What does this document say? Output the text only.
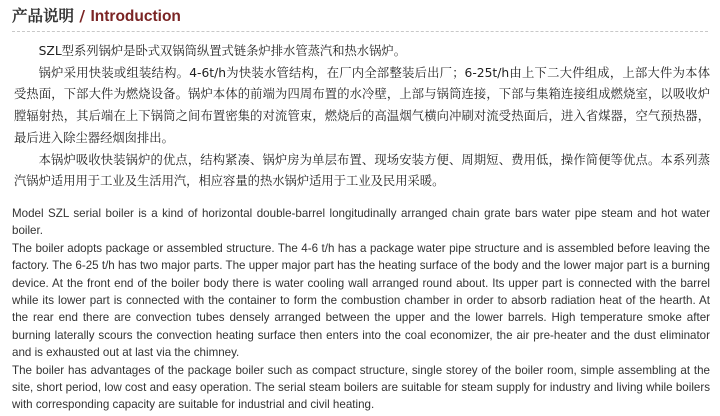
产品说明 / Introduction

SZL型系列锅炉是卧式双锅筒纵置式链条炉排水管蒸汽和热水锅炉。

锅炉采用快装或组装结构。4-6t/h为快装水管结构，在厂内全部整装后出厂；6-25t/h由上下二大件组成，上部大件为本体受热面，下部大件为燃烧设备。锅炉本体的前端为四周布置的水冷壁，上部与锅筒连接，下部与集箱连接组成燃烧室，以吸收炉膛辐射热，其后端在上下锅筒之间布置密集的对流管束，燃烧后的高温烟气横向冲刷对流受热面后，进入省煤器，空气预热器，最后进入除尘器经烟囱排出。

本锅炉吸收快装锅炉的优点，结构紧凑、锅炉房为单层布置、现场安装方便、周期短、费用低，操作简便等优点。本系列蒸汽锅炉适用用于工业及生活用汽，相应容量的热水锅炉适用于工业及民用采暖。

Model SZL serial boiler is a kind of horizontal double-barrel longitudinally arranged chain grate bars water pipe steam and hot water boiler.

The boiler adopts package or assembled structure. The 4-6 t/h has a package water pipe structure and is assembled before leaving the factory. The 6-25 t/h has two major parts. The upper major part has the heating surface of the body and the lower major part is a burning device. At the front end of the boiler body there is water cooling wall arranged round about. Its upper part is connected with the barrel while its lower part is connected with the container to form the combustion chamber in order to absorb radiation heat of the hearth. At the rear end there are convection tubes densely arranged between the upper and the lower barrels. High temperature smoke after burning laterally scours the convection heating surface then enters into the coal economizer, the air pre-heater and the dust eliminator and is exhausted out at last via the chimney.

The boiler has advantages of the package boiler such as compact structure, single storey of the boiler room, simple assembling at the site, short period, low cost and easy operation. The serial steam boilers are suitable for steam supply for industry and living while boilers with corresponding capacity are suitable for industrial and civil heating.
